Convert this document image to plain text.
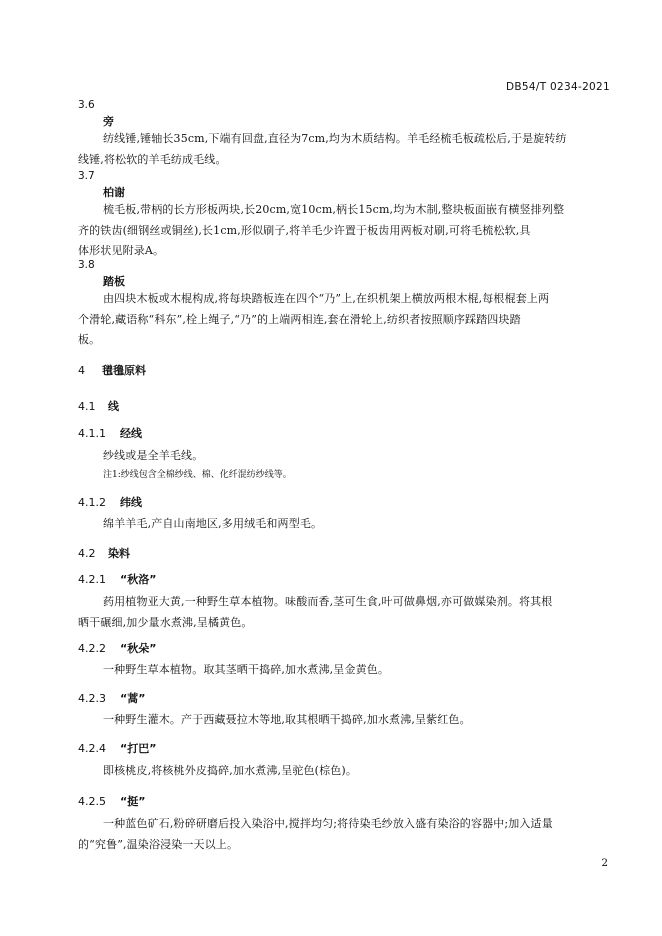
DB54/T 0234-2021
3.6
旁

纺线锤,锤轴长35cm,下端有回盘,直径为7cm,均为木质结构。羊毛经梳毛板疏松后,于是旋转纺

线锤,将松软的羊毛纺成毛线。

3.7
柏谢

梳毛板,带柄的长方形板两块,长20cm,宽10cm,柄长15cm,均为木制,整块板面嵌有横竖排列整

齐的铁齿(细钢丝或铜丝),长1cm,形似刷子,将羊毛少许置于板齿用两板对刷,可将毛梳松软,具

体形状见附录A。

3.8
踏板

由四块木板或木棍构成,将每块踏板连在四个“乃”上,在织机架上横放两根木棍,每根棍套上两

个滑轮,藏语称“科东”,栓上绳子,“乃”的上端两相连,套在滑轮上,纺织者按照顺序踩踏四块踏

板。

4 氆氇原料
4.1 线
4.1.1 经线

纱线或是全羊毛线。

注1:纱线包含全棉纱线、棉、化纤混纺纱线等。
4.1.2 纬线

绵羊羊毛,产自山南地区,多用绒毛和两型毛。

4.2 染料
4.2.1 “秋洛”

药用植物亚大黄,一种野生草本植物。味酸而香,茎可生食,叶可做鼻烟,亦可做媒染剂。将其根

晒干碾细,加少量水煮沸,呈橘黄色。

4.2.2 “秋朵”

一种野生草本植物。取其茎晒干捣碎,加水煮沸,呈金黄色。

4.2.3 “蒿”

一种野生灌木。产于西藏聂拉木等地,取其根晒干捣碎,加水煮沸,呈紫红色。

4.2.4 “打巴”

即核桃皮,将核桃外皮捣碎,加水煮沸,呈驼色(棕色)。

4.2.5 “挺”

一种蓝色矿石,粉碎研磨后投入染浴中,搅拌均匀;将待染毛纱放入盛有染浴的容器中;加入适量

的“究鲁”,温染浴浸染一天以上。

2
